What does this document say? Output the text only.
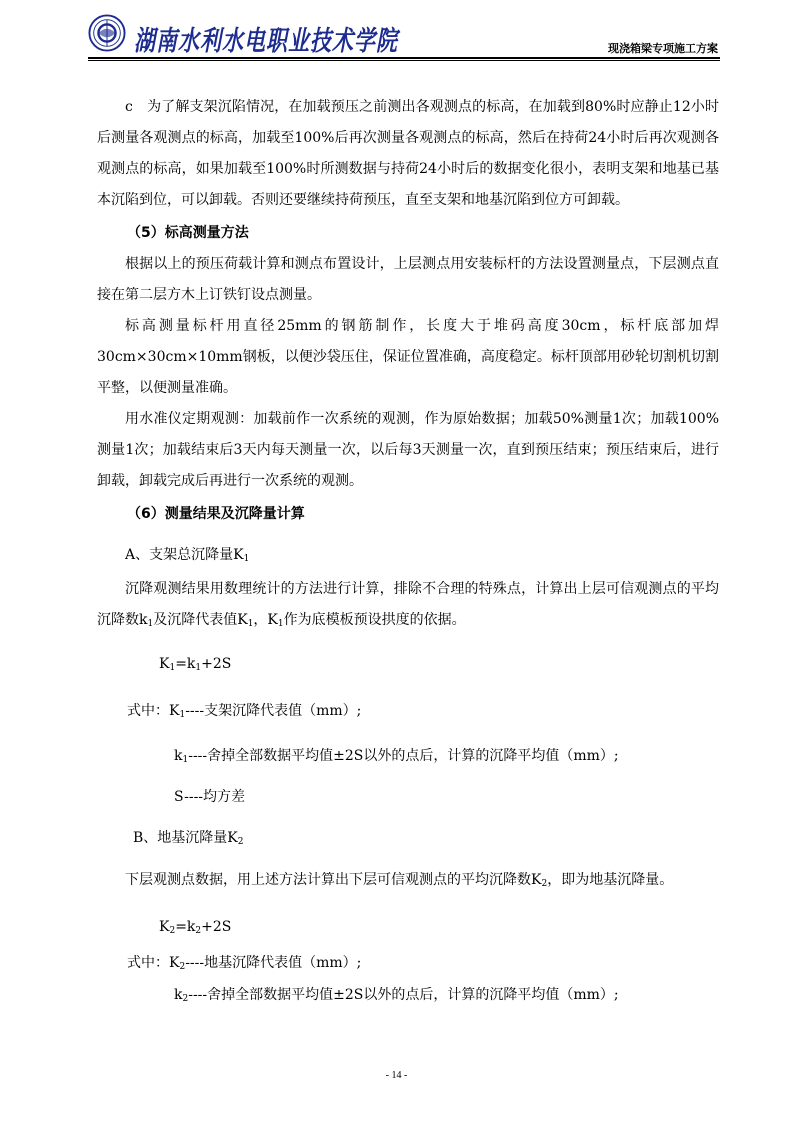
湖南水利水电职业技术学院	现浇箱梁专项施工方案

c　为了解支架沉陷情况，在加载预压之前测出各观测点的标高，在加载到80%时应静止12小时后测量各观测点的标高，加载至100%后再次测量各观测点的标高，然后在持荷24小时后再次观测各观测点的标高，如果加载至100%时所测数据与持荷24小时后的数据变化很小，表明支架和地基已基本沉陷到位，可以卸载。否则还要继续持荷预压，直至支架和地基沉陷到位方可卸载。

（5）标高测量方法

根据以上的预压荷载计算和测点布置设计，上层测点用安装标杆的方法设置测量点，下层测点直接在第二层方木上订铁钉设点测量。

标高测量标杆用直径25mm的钢筋制作，长度大于堆码高度30cm，标杆底部加焊30cm×30cm×10mm钢板，以便沙袋压住，保证位置准确，高度稳定。标杆顶部用砂轮切割机切割平整，以便测量准确。

用水准仪定期观测：加载前作一次系统的观测，作为原始数据；加载50%测量1次；加载100%测量1次；加载结束后3天内每天测量一次，以后每3天测量一次，直到预压结束；预压结束后，进行卸载，卸载完成后再进行一次系统的观测。

（6）测量结果及沉降量计算

A、支架总沉降量$K_1$

沉降观测结果用数理统计的方法进行计算，排除不合理的特殊点，计算出上层可信观测点的平均沉降数$k_1$及沉降代表值$K_1$，$K_1$作为底模板预设拱度的依据。

$K_1=k_1+2S$

式中：$K_1----$支架沉降代表值（mm）;

$k_1----$舍掉全部数据平均值±2S以外的点后，计算的沉降平均值（mm）;

S----均方差

B、地基沉降量$K_2$

下层观测点数据，用上述方法计算出下层可信观测点的平均沉降数$K_2$，即为地基沉降量。

$K_2=k_2+2S$

式中：$K_2----$地基沉降代表值（mm）;

$k_2----$舍掉全部数据平均值±2S以外的点后，计算的沉降平均值（mm）;

- 14 -
